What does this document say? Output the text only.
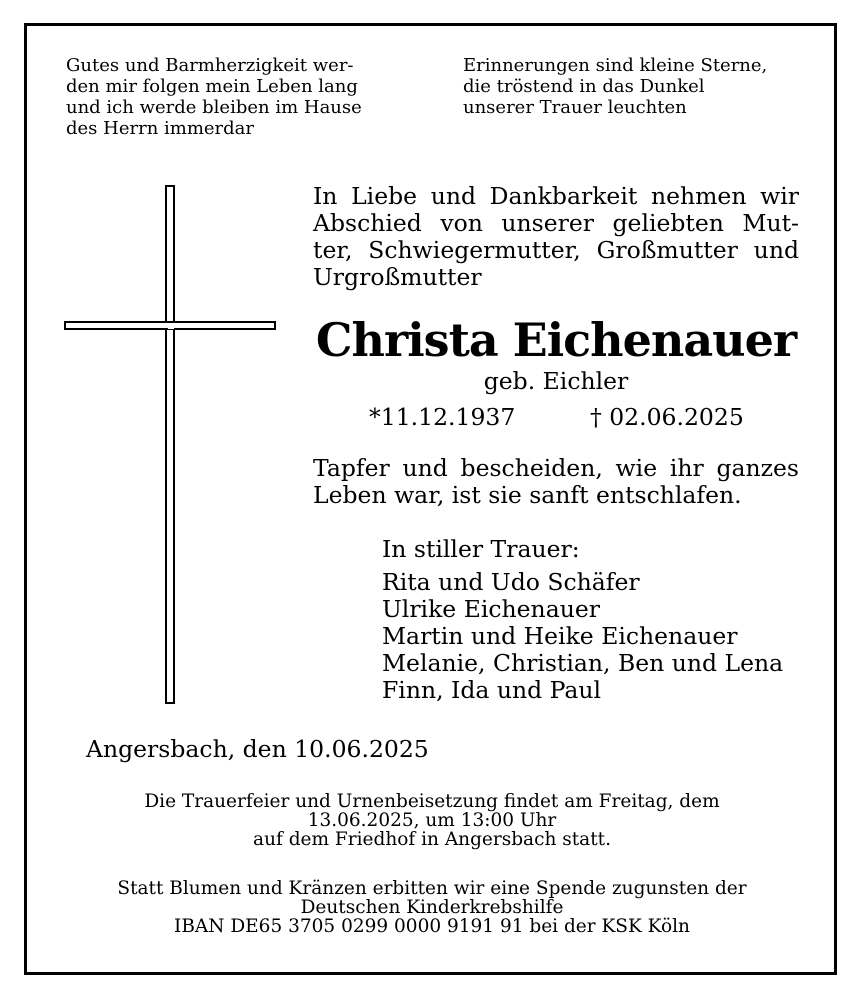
Gutes und Barmherzigkeit wer-
den mir folgen mein Leben lang
und ich werde bleiben im Hause
des Herrn immerdar
Erinnerungen sind kleine Sterne,
die tröstend in das Dunkel
unserer Trauer leuchten
In Liebe und Dankbarkeit nehmen wir
Abschied von unserer geliebten Mut-
ter, Schwiegermutter, Großmutter und
Urgroßmutter
Christa Eichenauer
geb. Eichler
*11.12.1937	† 02.06.2025
Tapfer und bescheiden, wie ihr ganzes
Leben war, ist sie sanft entschlafen.
In stiller Trauer:
Rita und Udo Schäfer
Ulrike Eichenauer
Martin und Heike Eichenauer
Melanie, Christian, Ben und Lena
Finn, Ida und Paul
Angersbach, den 10.06.2025
Die Trauerfeier und Urnenbeisetzung findet am Freitag, dem
13.06.2025, um 13:00 Uhr
auf dem Friedhof in Angersbach statt.
Statt Blumen und Kränzen erbitten wir eine Spende zugunsten der
Deutschen Kinderkrebshilfe
IBAN DE65 3705 0299 0000 9191 91 bei der KSK Köln
